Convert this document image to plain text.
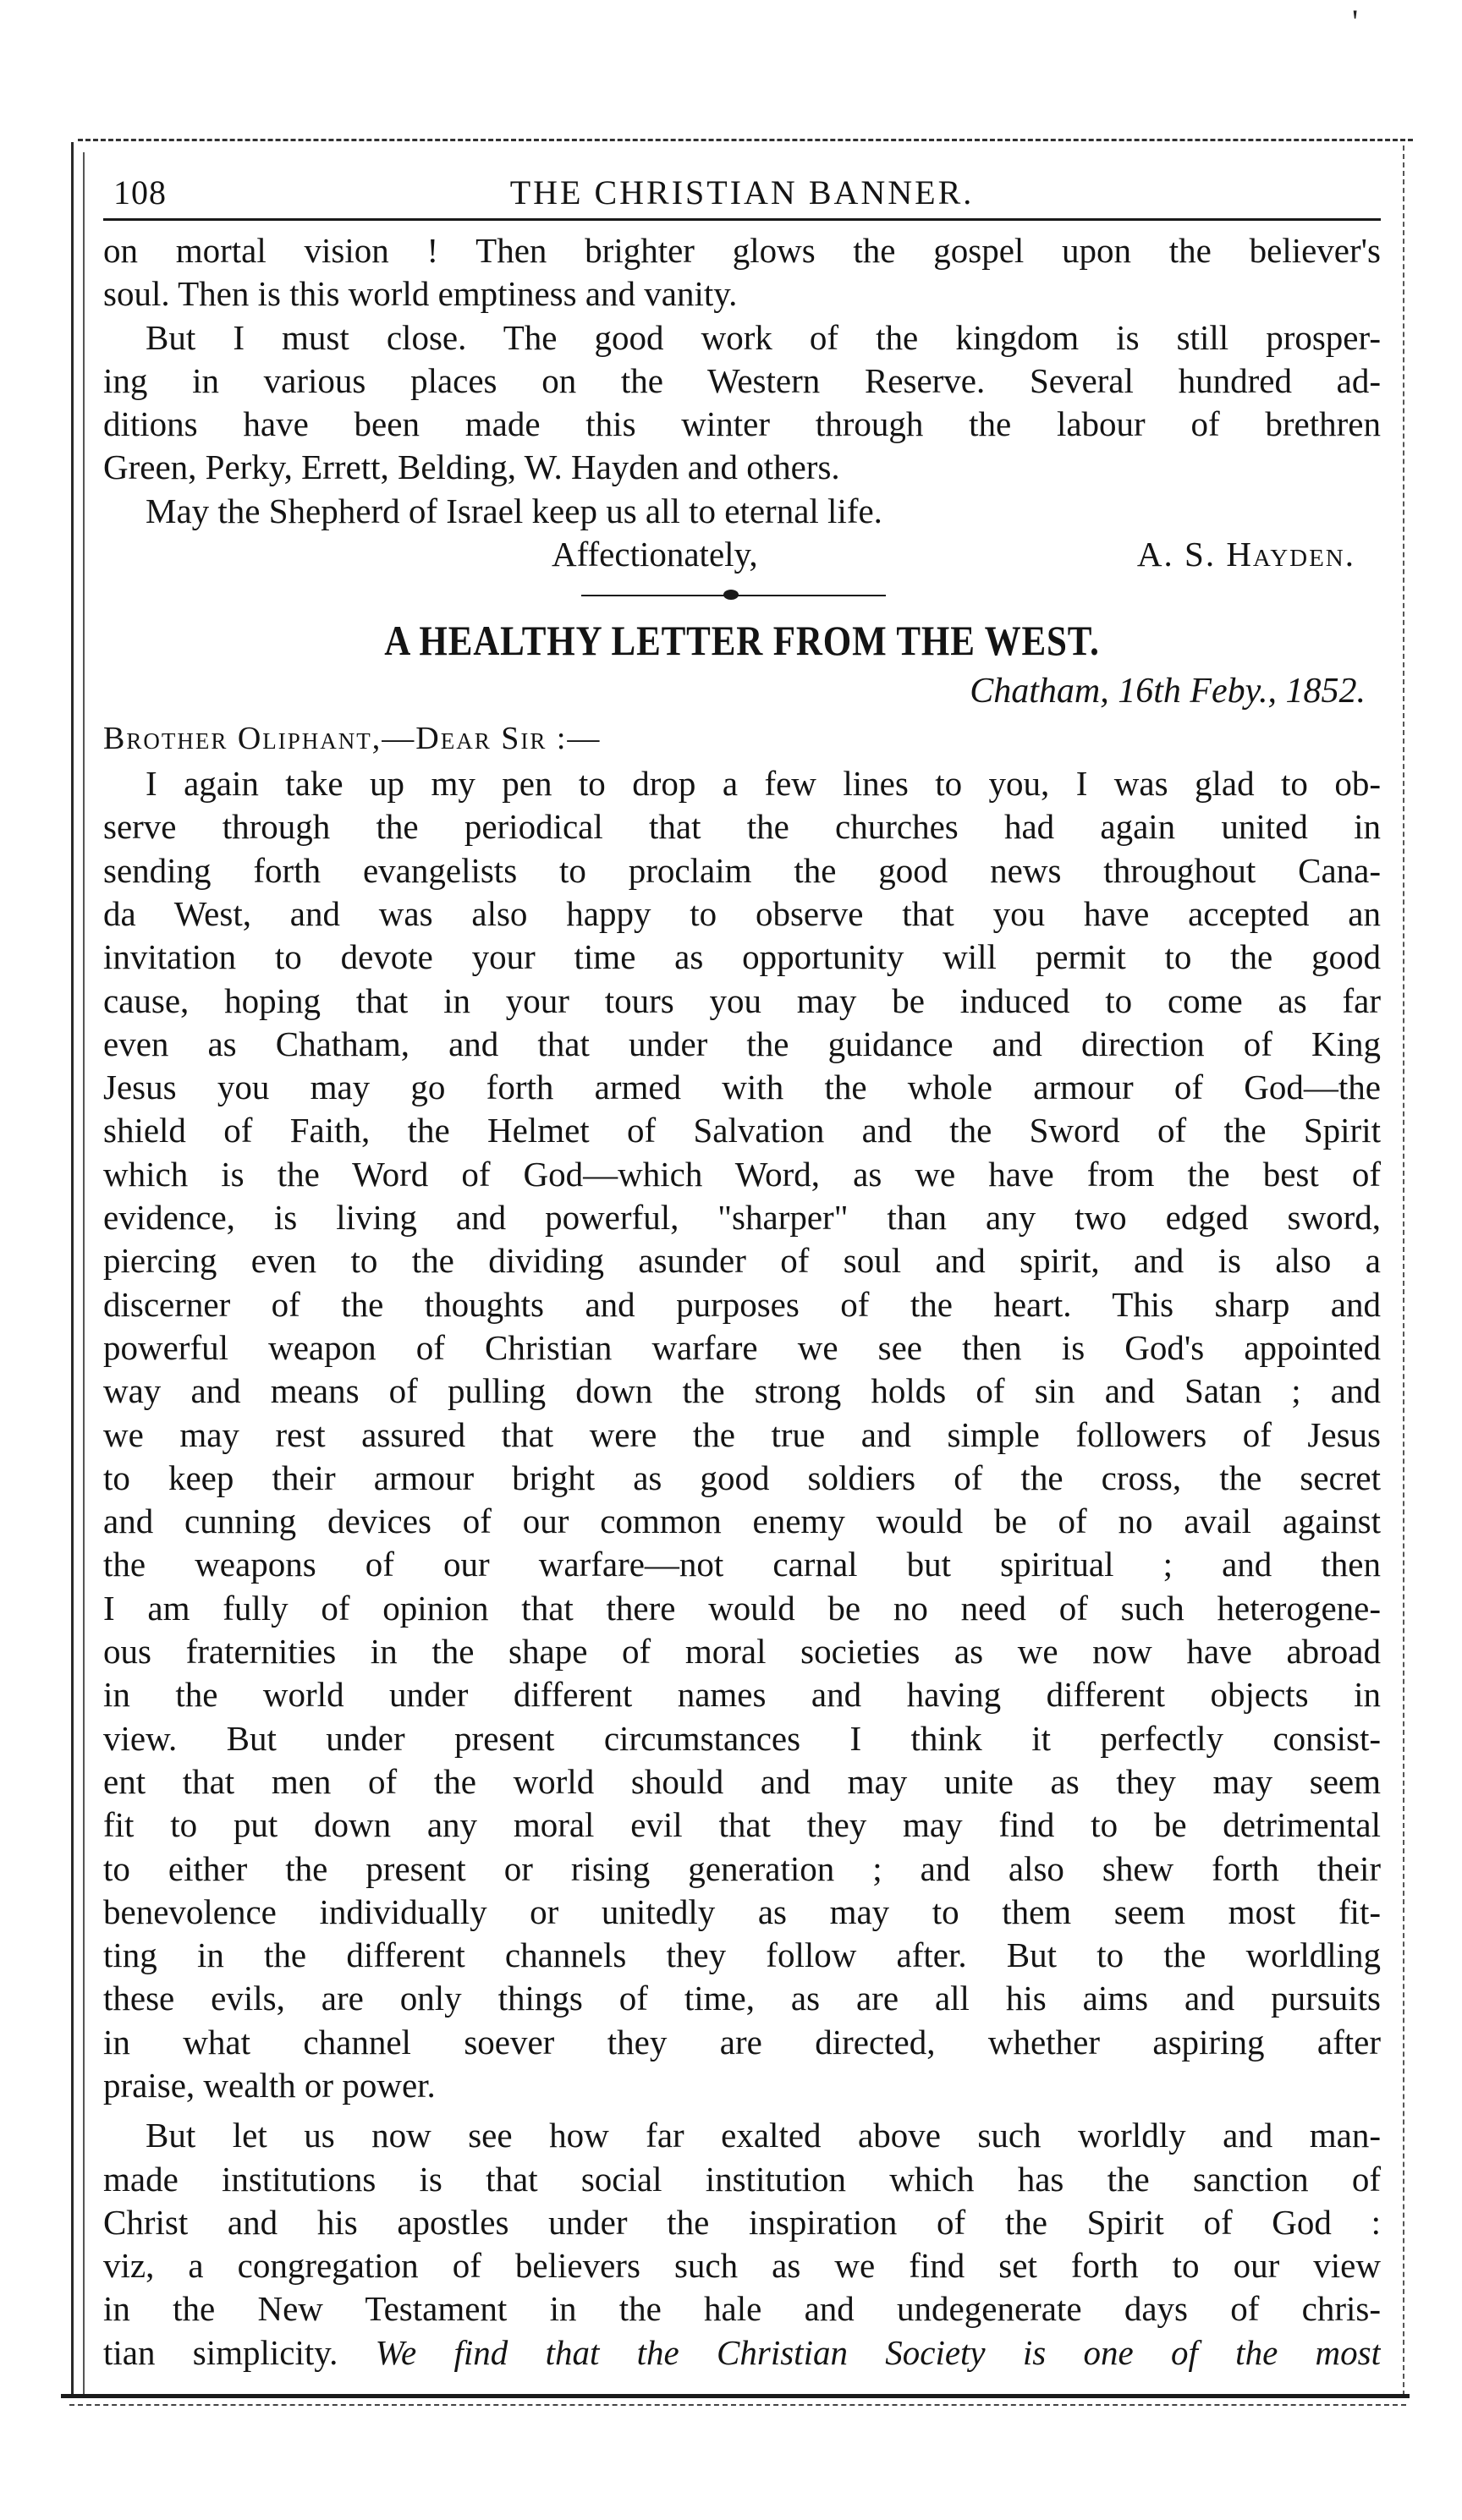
'
108	THE CHRISTIAN BANNER.

on mortal vision ! Then brighter glows the gospel upon the believer's

soul. Then is this world emptiness and vanity.

But I must close. The good work of the kingdom is still prosper-

ing in various places on the Western Reserve. Several hundred ad-

ditions have been made this winter through the labour of brethren

Green, Perky, Errett, Belding, W. Hayden and others.

May the Shepherd of Israel keep us all to eternal life.

Affectionately,	A. S. Hayden.

A HEALTHY LETTER FROM THE WEST.

Chatham, 16th Feby., 1852.

Brother Oliphant,—Dear Sir :—

I again take up my pen to drop a few lines to you, I was glad to ob-

serve through the periodical that the churches had again united in

sending forth evangelists to proclaim the good news throughout Cana-

da West, and was also happy to observe that you have accepted an

invitation to devote your time as opportunity will permit to the good

cause, hoping that in your tours you may be induced to come as far

even as Chatham, and that under the guidance and direction of King

Jesus you may go forth armed with the whole armour of God—the

shield of Faith, the Helmet of Salvation and the Sword of the Spirit

which is the Word of God—which Word, as we have from the best of

evidence, is living and powerful, "sharper" than any two edged sword,

piercing even to the dividing asunder of soul and spirit, and is also a

discerner of the thoughts and purposes of the heart. This sharp and

powerful weapon of Christian warfare we see then is God's appointed

way and means of pulling down the strong holds of sin and Satan ; and

we may rest assured that were the true and simple followers of Jesus

to keep their armour bright as good soldiers of the cross, the secret

and cunning devices of our common enemy would be of no avail against

the weapons of our warfare—not carnal but spiritual ; and then

I am fully of opinion that there would be no need of such heterogene-

ous fraternities in the shape of moral societies as we now have abroad

in the world under different names and having different objects in

view. But under present circumstances I think it perfectly consist-

ent that men of the world should and may unite as they may seem

fit to put down any moral evil that they may find to be detrimental

to either the present or rising generation ; and also shew forth their

benevolence individually or unitedly as may to them seem most fit-

ting in the different channels they follow after. But to the worldling

these evils, are only things of time, as are all his aims and pursuits

in what channel soever they are directed, whether aspiring after

praise, wealth or power.

But let us now see how far exalted above such worldly and man-

made institutions is that social institution which has the sanction of

Christ and his apostles under the inspiration of the Spirit of God :

viz, a congregation of believers such as we find set forth to our view

in the New Testament in the hale and undegenerate days of chris-

tian simplicity. We find that the Christian Society is one of the most
